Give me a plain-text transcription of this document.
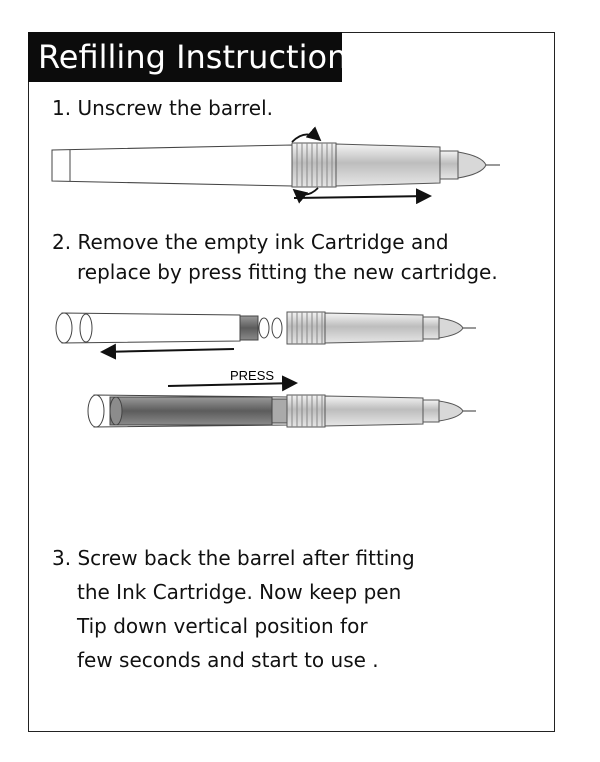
Refilling Instruction

1. Unscrew the barrel.

2. Remove the empty ink Cartridge and
replace by press fitting the new cartridge.

3. Screw back the barrel after fitting
the Ink Cartridge. Now keep pen
Tip down vertical position for
few seconds and start to use .

PRESS
